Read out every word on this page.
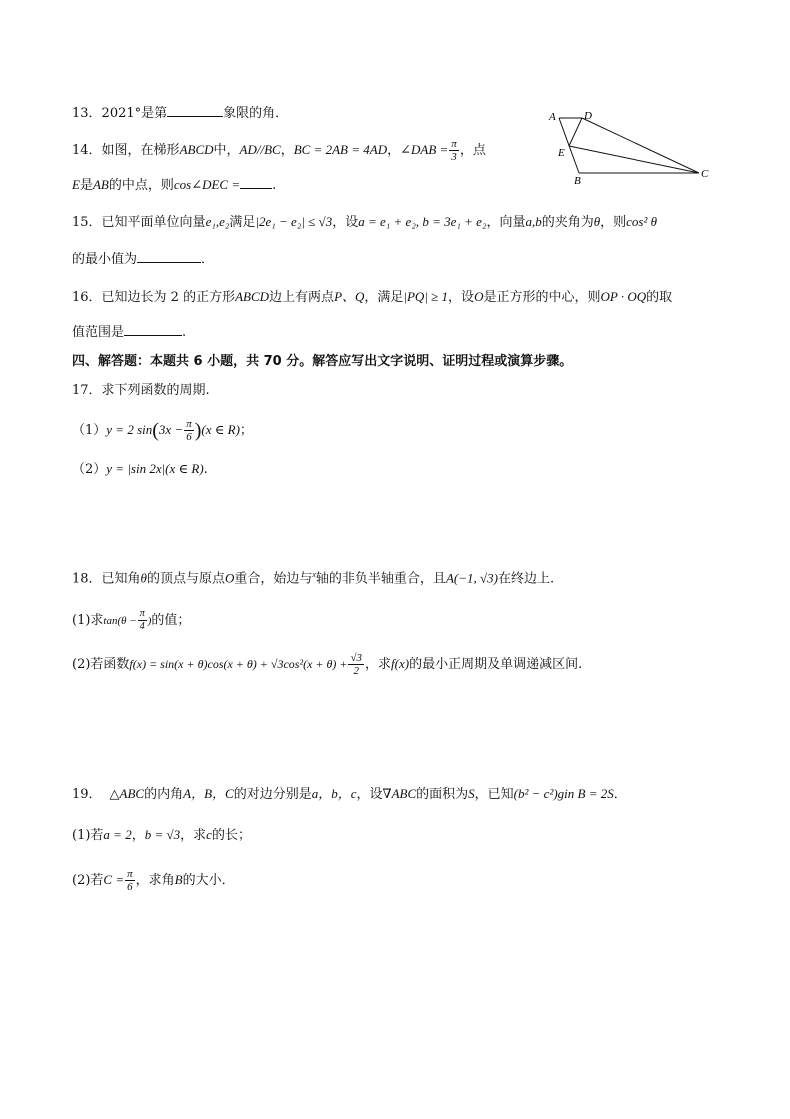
13．2021°是第	象限的角．
14．如图，在梯形ABCD中，AD//BC，BC = 2AB = 4AD，∠DAB = $\frac{\pi}{3}$ ，点
E是AB的中点，则cos∠DEC = .
A	D
E
B
C
15．已知平面单位向量e₁,e₂满足|2e₁ − e₂| ≤ √3，设a = e₁ + e₂, b = 3e₁ + e₂，向量a,b的夹角为θ，则cos² θ
的最小值为	．
16．已知边长为 2 的正方形ABCD边上有两点P、Q，满足|PQ| ≥ 1，设O是正方形的中心，则OP · OQ的取
值范围是	.
四、解答题：本题共 6 小题，共 70 分。解答应写出文字说明、证明过程或演算步骤。
17．求下列函数的周期.
（1）y = 2 $\sin(3x - \frac{\pi}{6} )(x$ ∈ R)；
（2）y = |sin 2x|(x ∈ R).
18．已知角θ的顶点与原点O重合，始边与$^x$轴的非负半轴重合，且A(−1, √3)在终边上.
(1)求$\tan(\theta - \frac{\pi}{4}$ )的值；
(2)若函数$f(x) = \sin(x + \theta)\cos(x + \theta) + √3\cos^2(x + \theta) + \frac{√3}{2}$ ，求f(x)的最小正周期及单调递减区间.
19． △ABC的内角A，B，C的对边分别是a，b，c，设∇ABC的面积为S，已知(b² − c²)gin B = 2S．
(1)若a = 2，b = √3，求c的长；
(2)若$C = \frac{\pi}{6}$ ，求角B的大小．
